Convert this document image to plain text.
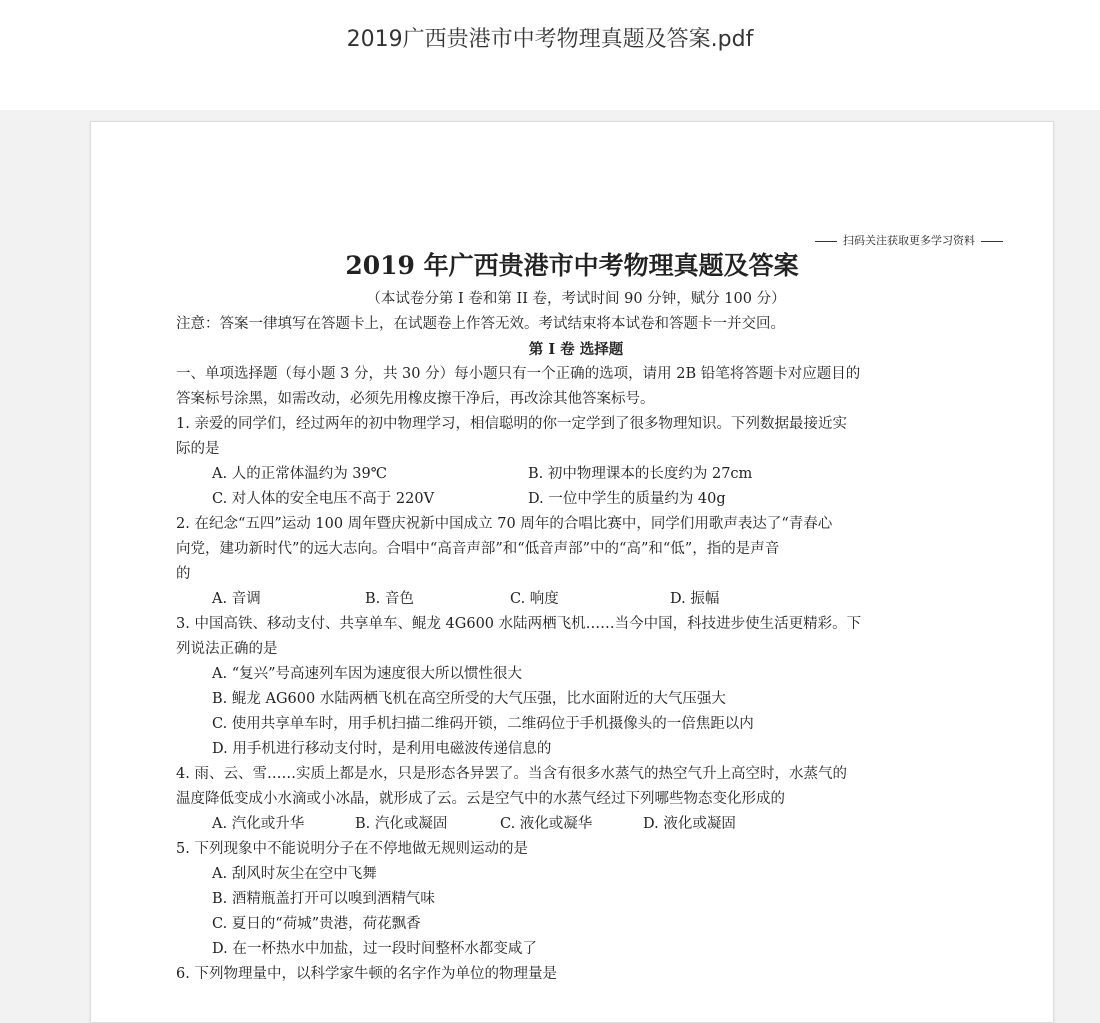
2019广西贵港市中考物理真题及答案.pdf
扫码关注获取更多学习资料
2019 年广西贵港市中考物理真题及答案

（本试卷分第 I 卷和第 II 卷，考试时间 90 分钟，赋分 100 分）

注意：答案一律填写在答题卡上，在试题卷上作答无效。考试结束将本试卷和答题卡一并交回。

第 I 卷 选择题

一、单项选择题（每小题 3 分，共 30 分）每小题只有一个正确的选项，请用 2B 铅笔将答题卡对应题目的

答案标号涂黑，如需改动，必须先用橡皮擦干净后，再改涂其他答案标号。

1. 亲爱的同学们，经过两年的初中物理学习，相信聪明的你一定学到了很多物理知识。下列数据最接近实

际的是

A. 人的正常体温约为 39℃	B. 初中物理课本的长度约为 27cm

C. 对人体的安全电压不高于 220V	D. 一位中学生的质量约为 40g

2. 在纪念“五四”运动 100 周年暨庆祝新中国成立 70 周年的合唱比赛中，同学们用歌声表达了“青春心

向党，建功新时代”的远大志向。合唱中“高音声部”和“低音声部”中的“高”和“低”，指的是声音

的

A. 音调	B. 音色	C. 响度	D. 振幅

3. 中国高铁、移动支付、共享单车、鲲龙 4G600 水陆两栖飞机……当今中国，科技进步使生活更精彩。下

列说法正确的是

A. “复兴”号高速列车因为速度很大所以惯性很大

B. 鲲龙 AG600 水陆两栖飞机在高空所受的大气压强，比水面附近的大气压强大

C. 使用共享单车时，用手机扫描二维码开锁，二维码位于手机摄像头的一倍焦距以内

D. 用手机进行移动支付时，是利用电磁波传递信息的

4. 雨、云、雪……实质上都是水，只是形态各异罢了。当含有很多水蒸气的热空气升上高空时，水蒸气的

温度降低变成小水滴或小冰晶，就形成了云。云是空气中的水蒸气经过下列哪些物态变化形成的

A. 汽化或升华	B. 汽化或凝固	C. 液化或凝华	D. 液化或凝固

5. 下列现象中不能说明分子在不停地做无规则运动的是

A. 刮风时灰尘在空中飞舞

B. 酒精瓶盖打开可以嗅到酒精气味

C. 夏日的“荷城”贵港，荷花飘香

D. 在一杯热水中加盐，过一段时间整杯水都变咸了

6. 下列物理量中，以科学家牛顿的名字作为单位的物理量是
